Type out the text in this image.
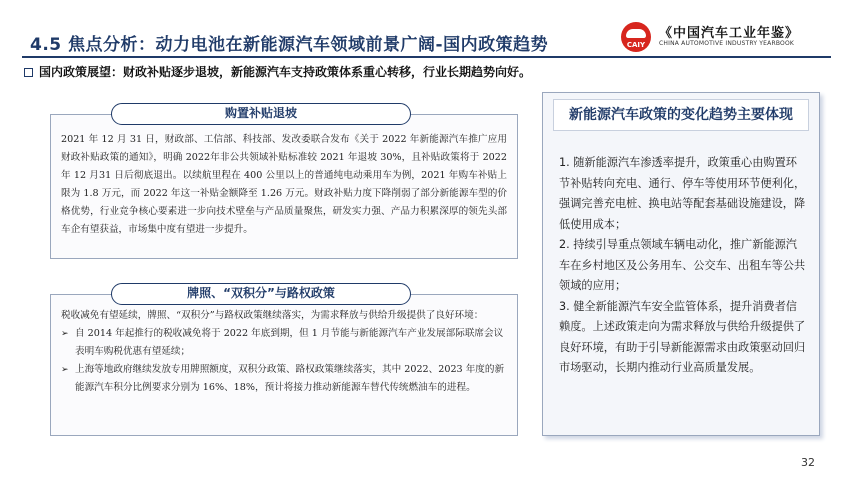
4.5 焦点分析：动力电池在新能源汽车领域前景广阔-国内政策趋势	CAIY
《中国汽车工业年鉴》
CHINA AUTOMOTIVE INDUSTRY YEARBOOK
国内政策展望：财政补贴逐步退坡，新能源汽车支持政策体系重心转移，行业长期趋势向好。
购置补贴退坡
2021 年 12 月 31 日，财政部、工信部、科技部、发改委联合发布《关于 2022 年新能源汽车推广应用财政补贴政策的通知》，明确 2022年非公共领域补贴标准较 2021 年退坡 30%，且补贴政策将于 2022 年 12 月31 日后彻底退出。以续航里程在 400 公里以上的普通纯电动乘用车为例，2021 年购车补贴上限为 1.8 万元，而 2022 年这一补贴金额降至 1.26 万元。财政补贴力度下降削弱了部分新能源车型的价格优势，行业竞争核心要素进一步向技术壁垒与产品质量聚焦，研发实力强、产品力积累深厚的领先头部车企有望获益，市场集中度有望进一步提升。
牌照、“双积分”与路权政策
税收减免有望延续，牌照、“双积分”与路权政策继续落实，为需求释放与供给升级提供了良好环境：
➢ 自 2014 年起推行的税收减免将于 2022 年底到期，但 1 月节能与新能源汽车产业发展部际联席会议表明车购税优惠有望延续；
➢ 上海等地政府继续发放专用牌照额度，双积分政策、路权政策继续落实，其中 2022、2023 年度的新能源汽车积分比例要求分别为 16%、18%，预计将接力推动新能源车替代传统燃油车的进程。
新能源汽车政策的变化趋势主要体现
1. 随新能源汽车渗透率提升，政策重心由购置环节补贴转向充电、通行、停车等使用环节便利化，强调完善充电桩、换电站等配套基础设施建设，降低使用成本；
2. 持续引导重点领域车辆电动化，推广新能源汽车在乡村地区及公务用车、公交车、出租车等公共领域的应用；
3. 健全新能源汽车安全监管体系，提升消费者信赖度。上述政策走向为需求释放与供给升级提供了良好环境，有助于引导新能源需求由政策驱动回归市场驱动，长期内推动行业高质量发展。
32
